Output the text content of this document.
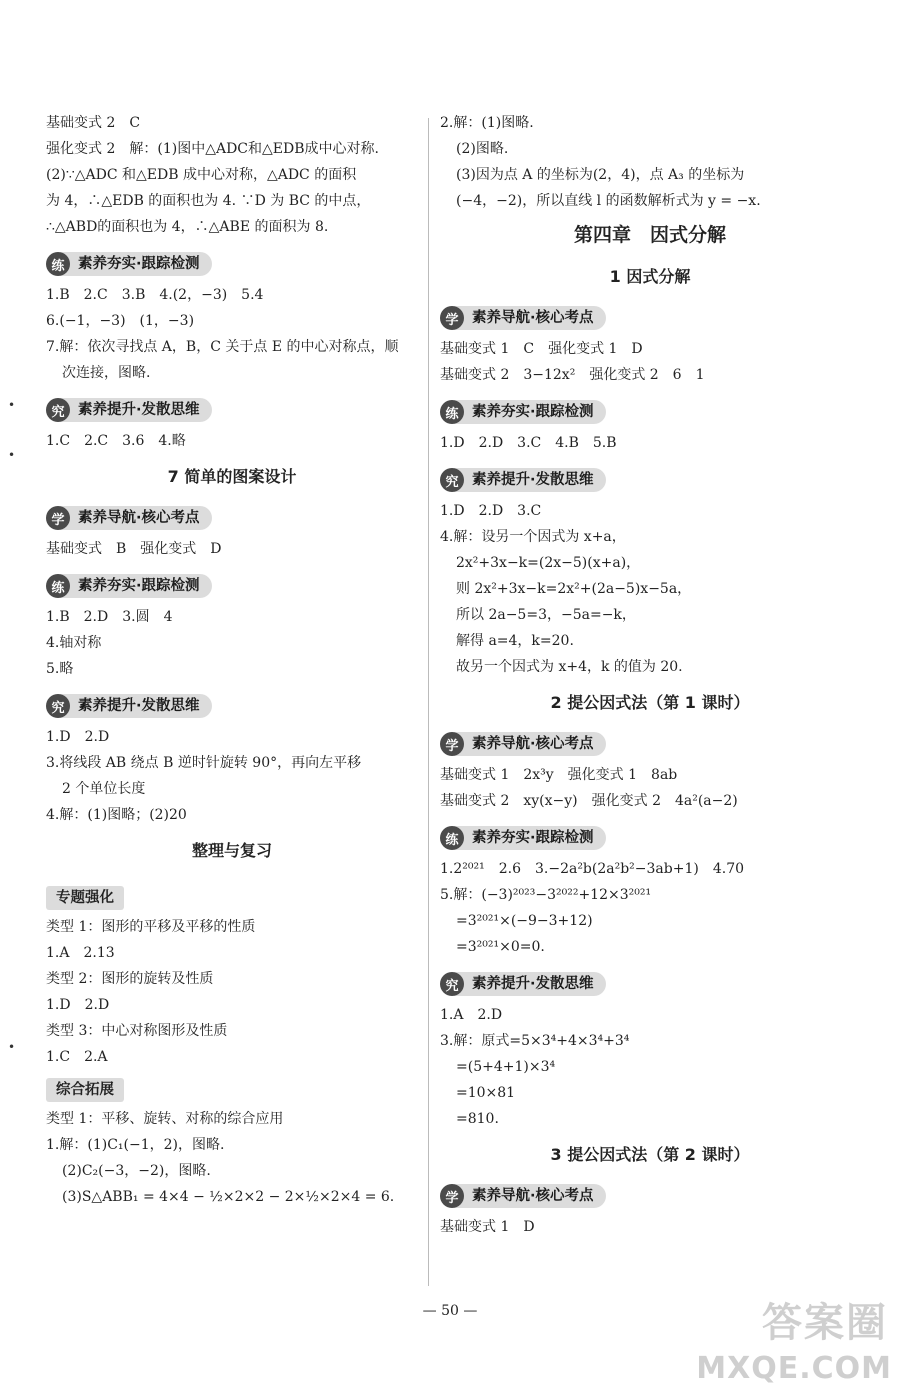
基础变式 2　C
强化变式 2　解：(1)图中△ADC和△EDB成中心对称.
(2)∵△ADC 和△EDB 成中心对称，△ADC 的面积
为 4，∴△EDB 的面积也为 4. ∵D 为 BC 的中点，
∴△ABD的面积也为 4，∴△ABE 的面积为 8.
练 素养夯实·跟踪检测
1.B　2.C　3.B　4.(2，−3)　5.4
6.(−1，−3)　(1，−3)
7.解：依次寻找点 A，B，C 关于点 E 的中心对称点，顺
次连接，图略.
究 素养提升·发散思维
1.C　2.C　3.6　4.略
7 简单的图案设计
学 素养导航·核心考点
基础变式　B　强化变式　D
练 素养夯实·跟踪检测
1.B　2.D　3.圆　4
4.轴对称
5.略
究 素养提升·发散思维
1.D　2.D
3.将线段 AB 绕点 B 逆时针旋转 90°，再向左平移
2 个单位长度
4.解：(1)图略；(2)20
整理与复习
专题强化
类型 1：图形的平移及平移的性质
1.A　2.13
类型 2：图形的旋转及性质
1.D　2.D
类型 3：中心对称图形及性质
1.C　2.A
综合拓展
类型 1：平移、旋转、对称的综合应用
1.解：(1)C₁(−1，2)，图略.
(2)C₂(−3，−2)，图略.
(3)S△ABB₁ = 4×4 − ½×2×2 − 2×½×2×4 = 6.
2.解：(1)图略.
(2)图略.
(3)因为点 A 的坐标为(2，4)，点 A₃ 的坐标为
(−4，−2)，所以直线 l 的函数解析式为 y = −x.
第四章　因式分解
1 因式分解
学 素养导航·核心考点
基础变式 1　C　强化变式 1　D
基础变式 2　3−12x²　强化变式 2　6　1
练 素养夯实·跟踪检测
1.D　2.D　3.C　4.B　5.B
究 素养提升·发散思维
1.D　2.D　3.C
4.解：设另一个因式为 x+a，
2x²+3x−k=(2x−5)(x+a)，
则 2x²+3x−k=2x²+(2a−5)x−5a，
所以 2a−5=3，−5a=−k，
解得 a=4，k=20.
故另一个因式为 x+4，k 的值为 20.
2 提公因式法（第 1 课时）
学 素养导航·核心考点
基础变式 1　2x³y　强化变式 1　8ab
基础变式 2　xy(x−y)　强化变式 2　4a²(a−2)
练 素养夯实·跟踪检测
1.2²⁰²¹　2.6　3.−2a²b(2a²b²−3ab+1)　4.70
5.解：(−3)²⁰²³−3²⁰²²+12×3²⁰²¹
=3²⁰²¹×(−9−3+12)
=3²⁰²¹×0=0.
究 素养提升·发散思维
1.A　2.D
3.解：原式=5×3⁴+4×3⁴+3⁴
=(5+4+1)×3⁴
=10×81
=810.
3 提公因式法（第 2 课时）
学 素养导航·核心考点
基础变式 1　D
— 50 —	答案圈
MXQE.COM
•
•
•
